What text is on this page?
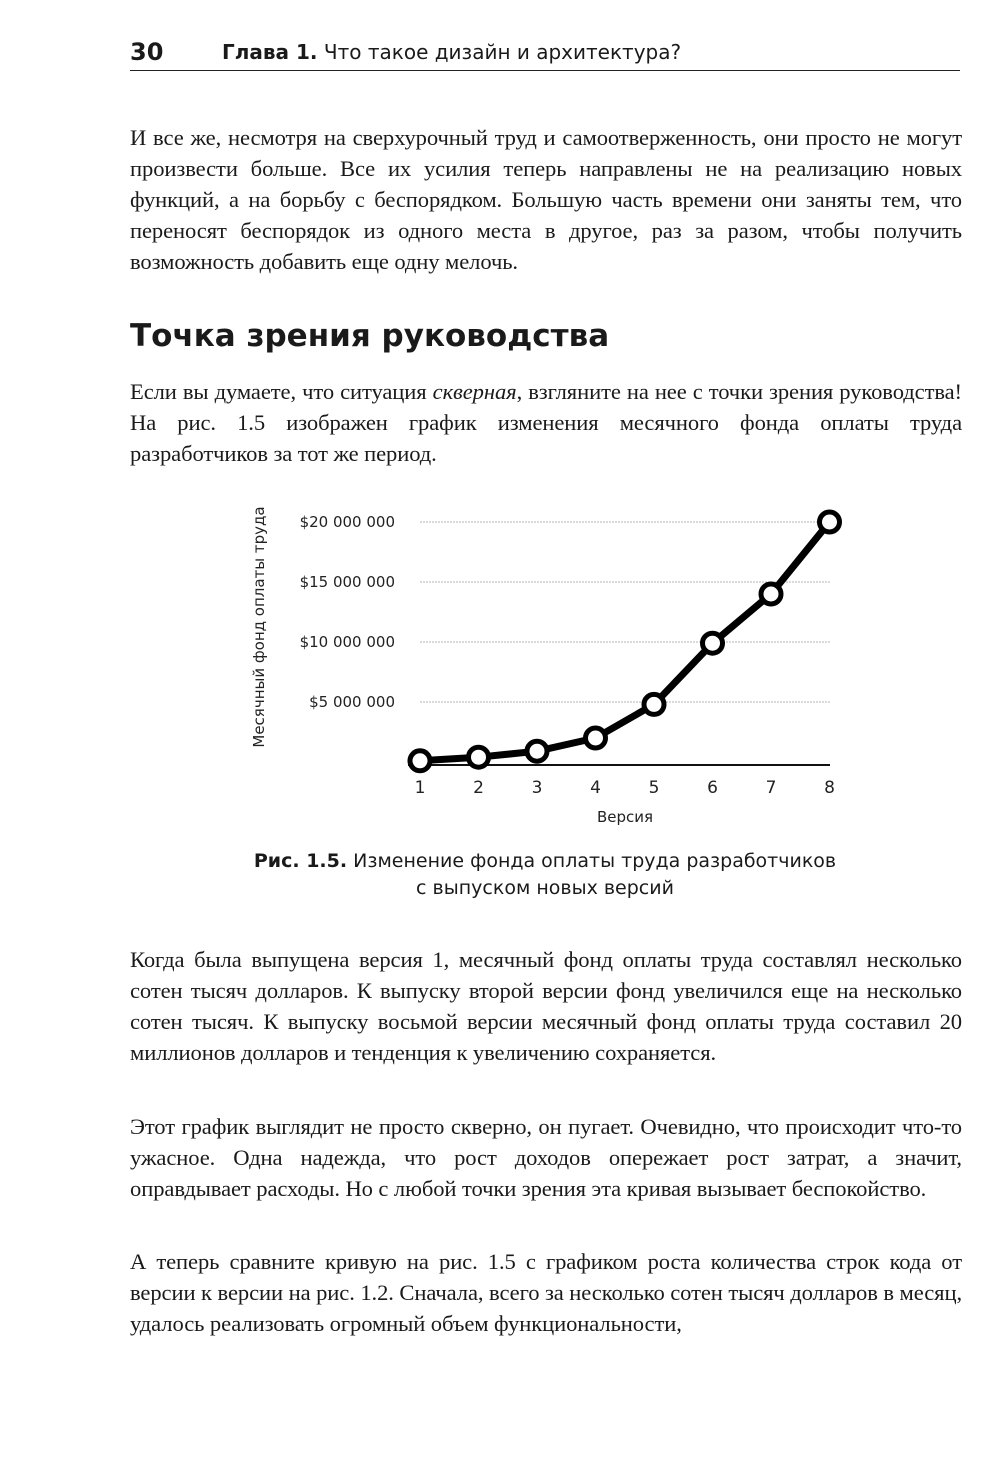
30	Глава 1. Что такое дизайн и архитектура?

И все же, несмотря на сверхурочный труд и самоотверженность, они просто не могут произвести больше. Все их усилия теперь направлены не на реализацию новых функций, а на борьбу с беспорядком. Большую часть времени они заняты тем, что переносят беспорядок из одного места в другое, раз за разом, чтобы получить возможность добавить еще одну мелочь.

Точка зрения руководства

Если вы думаете, что ситуация скверная, взгляните на нее с точки зрения руководства! На рис. 1.5 изображен график изменения месячного фонда оплаты труда разработчиков за тот же период.

$5 000 000
$10 000 000
$15 000 000
$20 000 000
1	2	3	4	5	6	7	8
Версия
Месячный фонд оплаты труда
Рис. 1.5. Изменение фонда оплаты труда разработчиков
с выпуском новых версий

Когда была выпущена версия 1, месячный фонд оплаты труда составлял несколько сотен тысяч долларов. К выпуску второй версии фонд увеличился еще на несколько сотен тысяч. К выпуску восьмой версии месячный фонд оплаты труда составил 20 миллионов долларов и тенденция к увеличению сохраняется.

Этот график выглядит не просто скверно, он пугает. Очевидно, что происходит что-то ужасное. Одна надежда, что рост доходов опережает рост затрат, а значит, оправдывает расходы. Но с любой точки зрения эта кривая вызывает беспокойство.

А теперь сравните кривую на рис. 1.5 с графиком роста количества строк кода от версии к версии на рис. 1.2. Сначала, всего за несколько сотен тысяч долларов в месяц, удалось реализовать огромный объем функциональности,
